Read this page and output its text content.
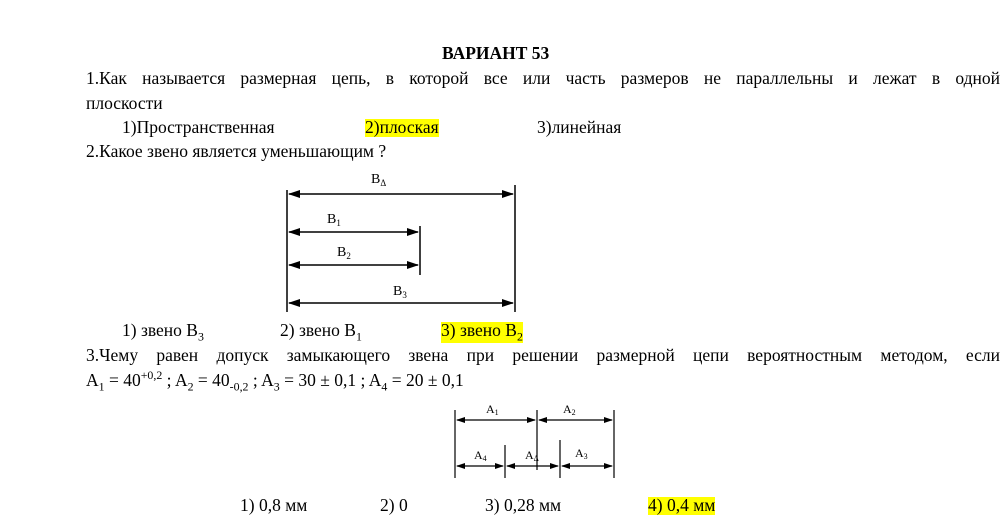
ВАРИАНТ 53
1.Как называется размерная цепь, в которой все или часть размеров не параллельны и лежат в одной
плоскости
1)Пространственная	2)плоская	3)линейная
2.Какое звено является уменьшающим ?
$B_\Delta$
$B_1$
$B_2$
$B_3$
A1	A2
A4	AΔ	A3
1) звено $B_3$	2) звено $B_1$	3) звено $B_2$
3.Чему равен допуск замыкающего звена при решении размерной цепи вероятностным методом, если
$A_1 = 40^{+0,2}$ ; $A_2 = 40_{-0,2}$ ; $A_3 = 30 \pm 0,1$ ; $A_4 = 20 \pm 0,1$
1) 0,8 мм	2) 0	3) 0,28 мм	4) 0,4 мм
